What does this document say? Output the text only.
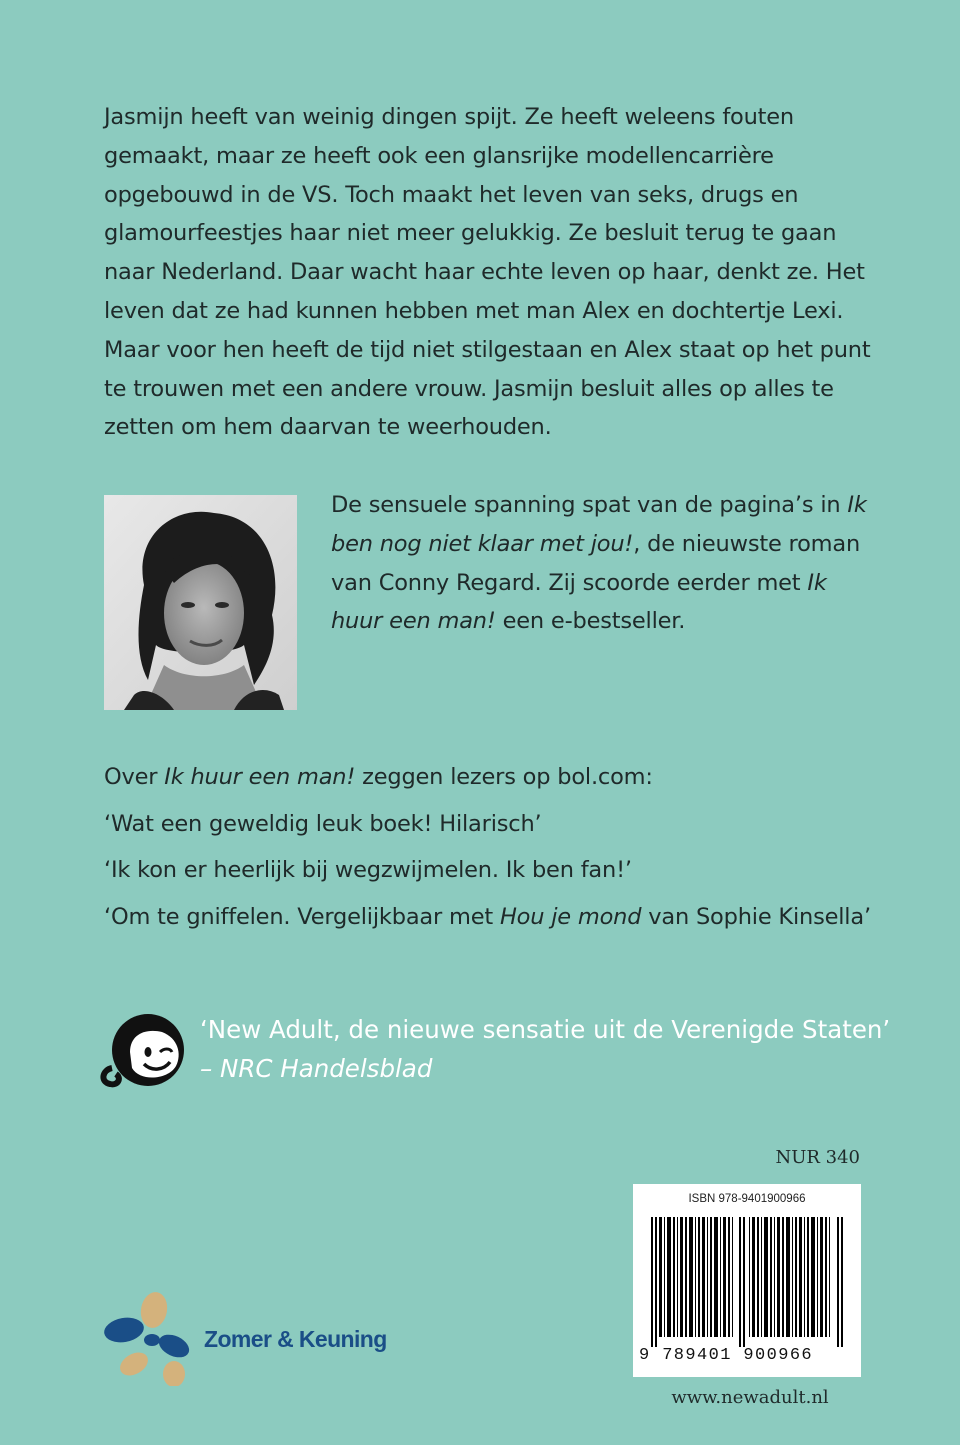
Jasmijn heeft van weinig dingen spijt. Ze heeft weleens fouten gemaakt, maar ze heeft ook een glansrijke modellencarrière opgebouwd in de VS. Toch maakt het leven van seks, drugs en glamourfeestjes haar niet meer gelukkig. Ze besluit terug te gaan naar Nederland. Daar wacht haar echte leven op haar, denkt ze. Het leven dat ze had kunnen hebben met man Alex en dochtertje Lexi. Maar voor hen heeft de tijd niet stilgestaan en Alex staat op het punt te trouwen met een andere vrouw. Jasmijn besluit alles op alles te zetten om hem daarvan te weerhouden.

De sensuele spanning spat van de pagina’s in Ik ben nog niet klaar met jou!, de nieuwste roman van Conny Regard. Zij scoorde eerder met Ik huur een man! een e-bestseller.

Over Ik huur een man! zeggen lezers op bol.com:

‘Wat een geweldig leuk boek! Hilarisch’

‘Ik kon er heerlijk bij wegzwijmelen. Ik ben fan!’

‘Om te gniffelen. Vergelijkbaar met Hou je mond van Sophie Kinsella’

‘New Adult, de nieuwe sensatie uit de Verenigde Staten’
– NRC Handelsblad

NUR 340
ISBN 978-9401900966
9 789401 900966
Zomer & Keuning
www.newadult.nl
